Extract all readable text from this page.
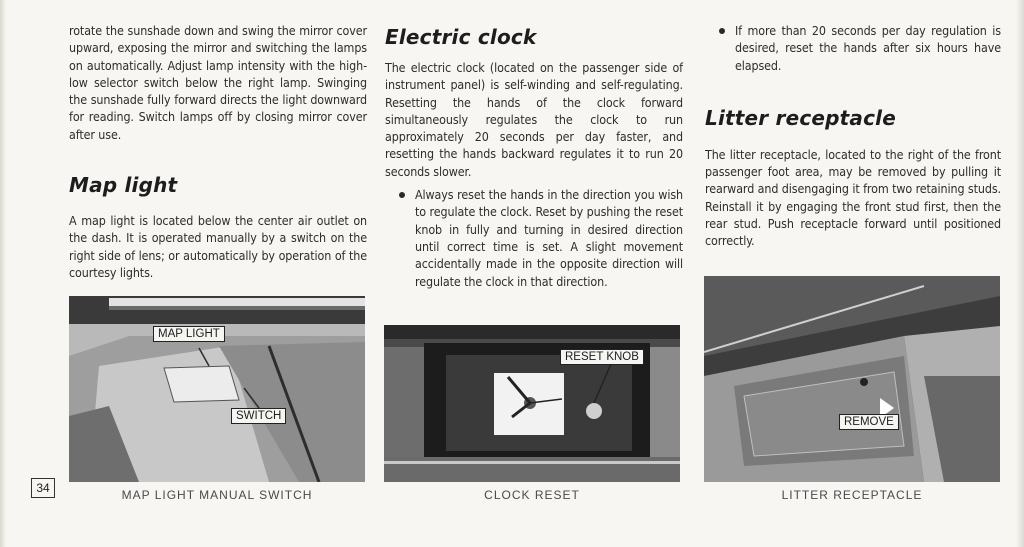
rotate the sunshade down and swing the mirror cover upward, exposing the mirror and switching the lamps on automatically. Adjust lamp intensity with the high-low selector switch below the right lamp. Swinging the sunshade fully forward directs the light downward for reading. Switch lamps off by closing mirror cover after use.

Map light

A map light is located below the center air outlet on the dash. It is operated manually by a switch on the right side of lens; or automatically by operation of the courtesy lights.

MAP LIGHT
SWITCH
MAP LIGHT MANUAL SWITCH
Electric clock

The electric clock (located on the passenger side of instrument panel) is self-winding and self-regulating. Resetting the hands of the clock forward simultaneously regulates the clock to run approximately 20 seconds per day faster, and resetting the hands backward regulates it to run 20 seconds slower.

Always reset the hands in the direction you wish to regulate the clock. Reset by pushing the reset knob in fully and turning in desired direction until correct time is set. A slight movement accidentally made in the opposite direction will regulate the clock in that direction.

RESET KNOB
CLOCK RESET

If more than 20 seconds per day regulation is desired, reset the hands after six hours have elapsed.

Litter receptacle

The litter receptacle, located to the right of the front passenger foot area, may be removed by pulling it rearward and disengaging it from two retaining studs. Reinstall it by engaging the front stud first, then the rear stud. Push receptacle forward until positioned correctly.

REMOVE
LITTER RECEPTACLE
34
